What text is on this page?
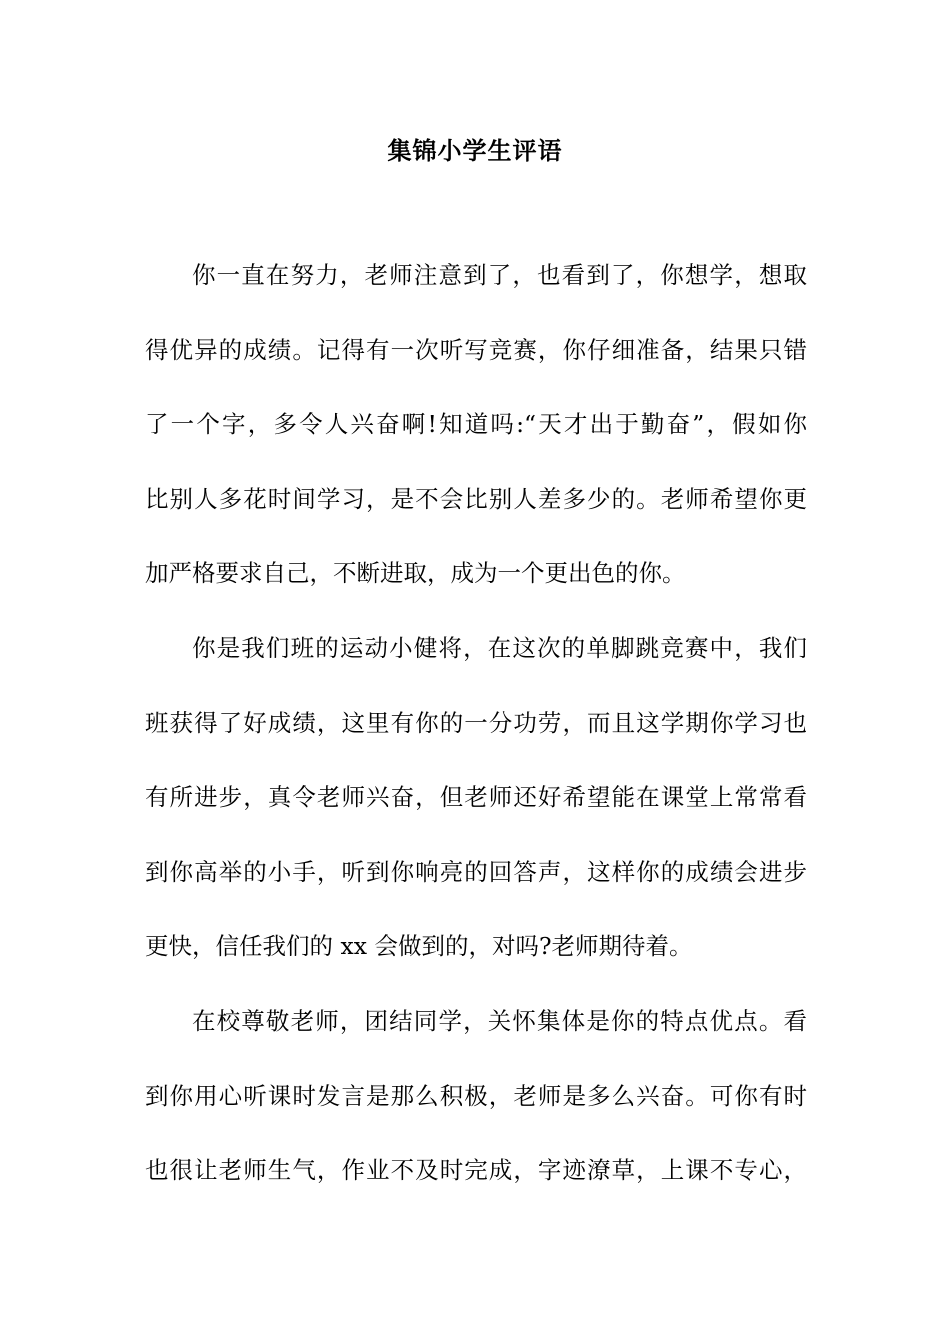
集锦小学生评语
你一直在努力，老师注意到了，也看到了，你想学，想取
得优异的成绩。记得有一次听写竞赛，你仔细准备，结果只错
了一个字，多令人兴奋啊!知道吗:“天才出于勤奋”，假如你
比别人多花时间学习，是不会比别人差多少的。老师希望你更
加严格要求自己，不断进取，成为一个更出色的你。
你是我们班的运动小健将，在这次的单脚跳竞赛中，我们
班获得了好成绩，这里有你的一分功劳，而且这学期你学习也
有所进步，真令老师兴奋，但老师还好希望能在课堂上常常看
到你高举的小手，听到你响亮的回答声，这样你的成绩会进步
更快，信任我们的 xx 会做到的，对吗?老师期待着。
在校尊敬老师，团结同学，关怀集体是你的特点优点。看
到你用心听课时发言是那么积极，老师是多么兴奋。可你有时
也很让老师生气，作业不及时完成，字迹潦草，上课不专心，
